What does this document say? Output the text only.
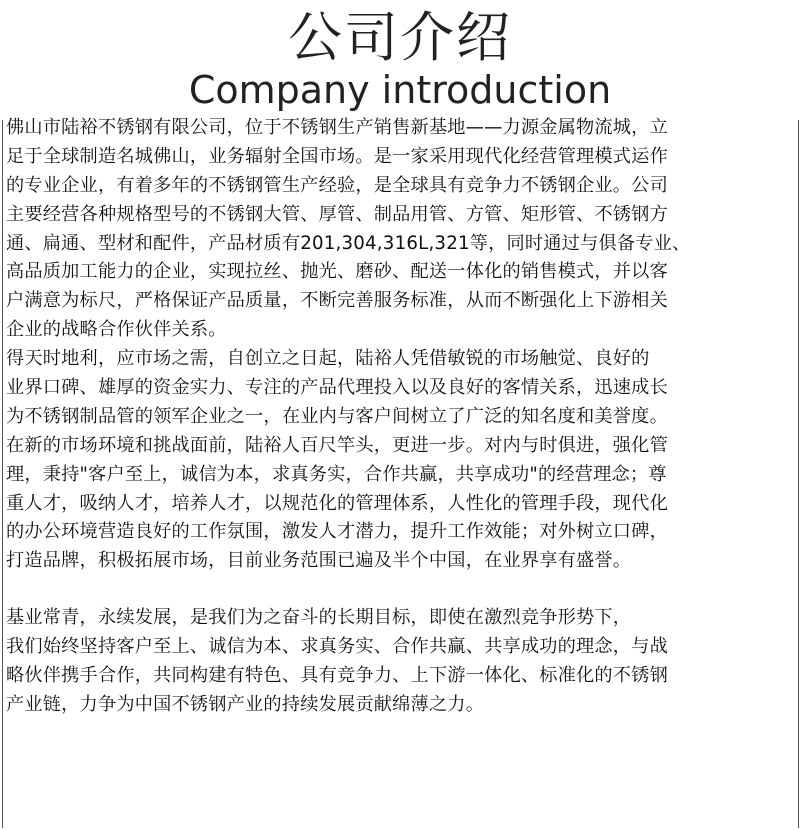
公司介绍
Company introduction
佛山市陆裕不锈钢有限公司，位于不锈钢生产销售新基地——力源金属物流城，立
足于全球制造名城佛山，业务辐射全国市场。是一家采用现代化经营管理模式运作
的专业企业，有着多年的不锈钢管生产经验，是全球具有竞争力不锈钢企业。公司
主要经营各种规格型号的不锈钢大管、厚管、制品用管、方管、矩形管、不锈钢方
通、扁通、型材和配件，产品材质有201,304,316L,321等，同时通过与俱备专业、
高品质加工能力的企业，实现拉丝、抛光、磨砂、配送一体化的销售模式，并以客
户满意为标尺，严格保证产品质量，不断完善服务标准，从而不断强化上下游相关
企业的战略合作伙伴关系。
得天时地利，应市场之需，自创立之日起，陆裕人凭借敏锐的市场触觉、良好的
业界口碑、雄厚的资金实力、专注的产品代理投入以及良好的客情关系，迅速成长
为不锈钢制品管的领军企业之一，在业内与客户间树立了广泛的知名度和美誉度。
在新的市场环境和挑战面前，陆裕人百尺竿头，更进一步。对内与时俱进，强化管
理，秉持"客户至上，诚信为本，求真务实，合作共赢，共享成功"的经营理念；尊
重人才，吸纳人才，培养人才，以规范化的管理体系，人性化的管理手段，现代化
的办公环境营造良好的工作氛围，激发人才潜力，提升工作效能；对外树立口碑，
打造品牌，积极拓展市场，目前业务范围已遍及半个中国，在业界享有盛誉。
基业常青，永续发展，是我们为之奋斗的长期目标，即使在激烈竞争形势下，
我们始终坚持客户至上、诚信为本、求真务实、合作共赢、共享成功的理念，与战
略伙伴携手合作，共同构建有特色、具有竞争力、上下游一体化、标准化的不锈钢
产业链，力争为中国不锈钢产业的持续发展贡献绵薄之力。
